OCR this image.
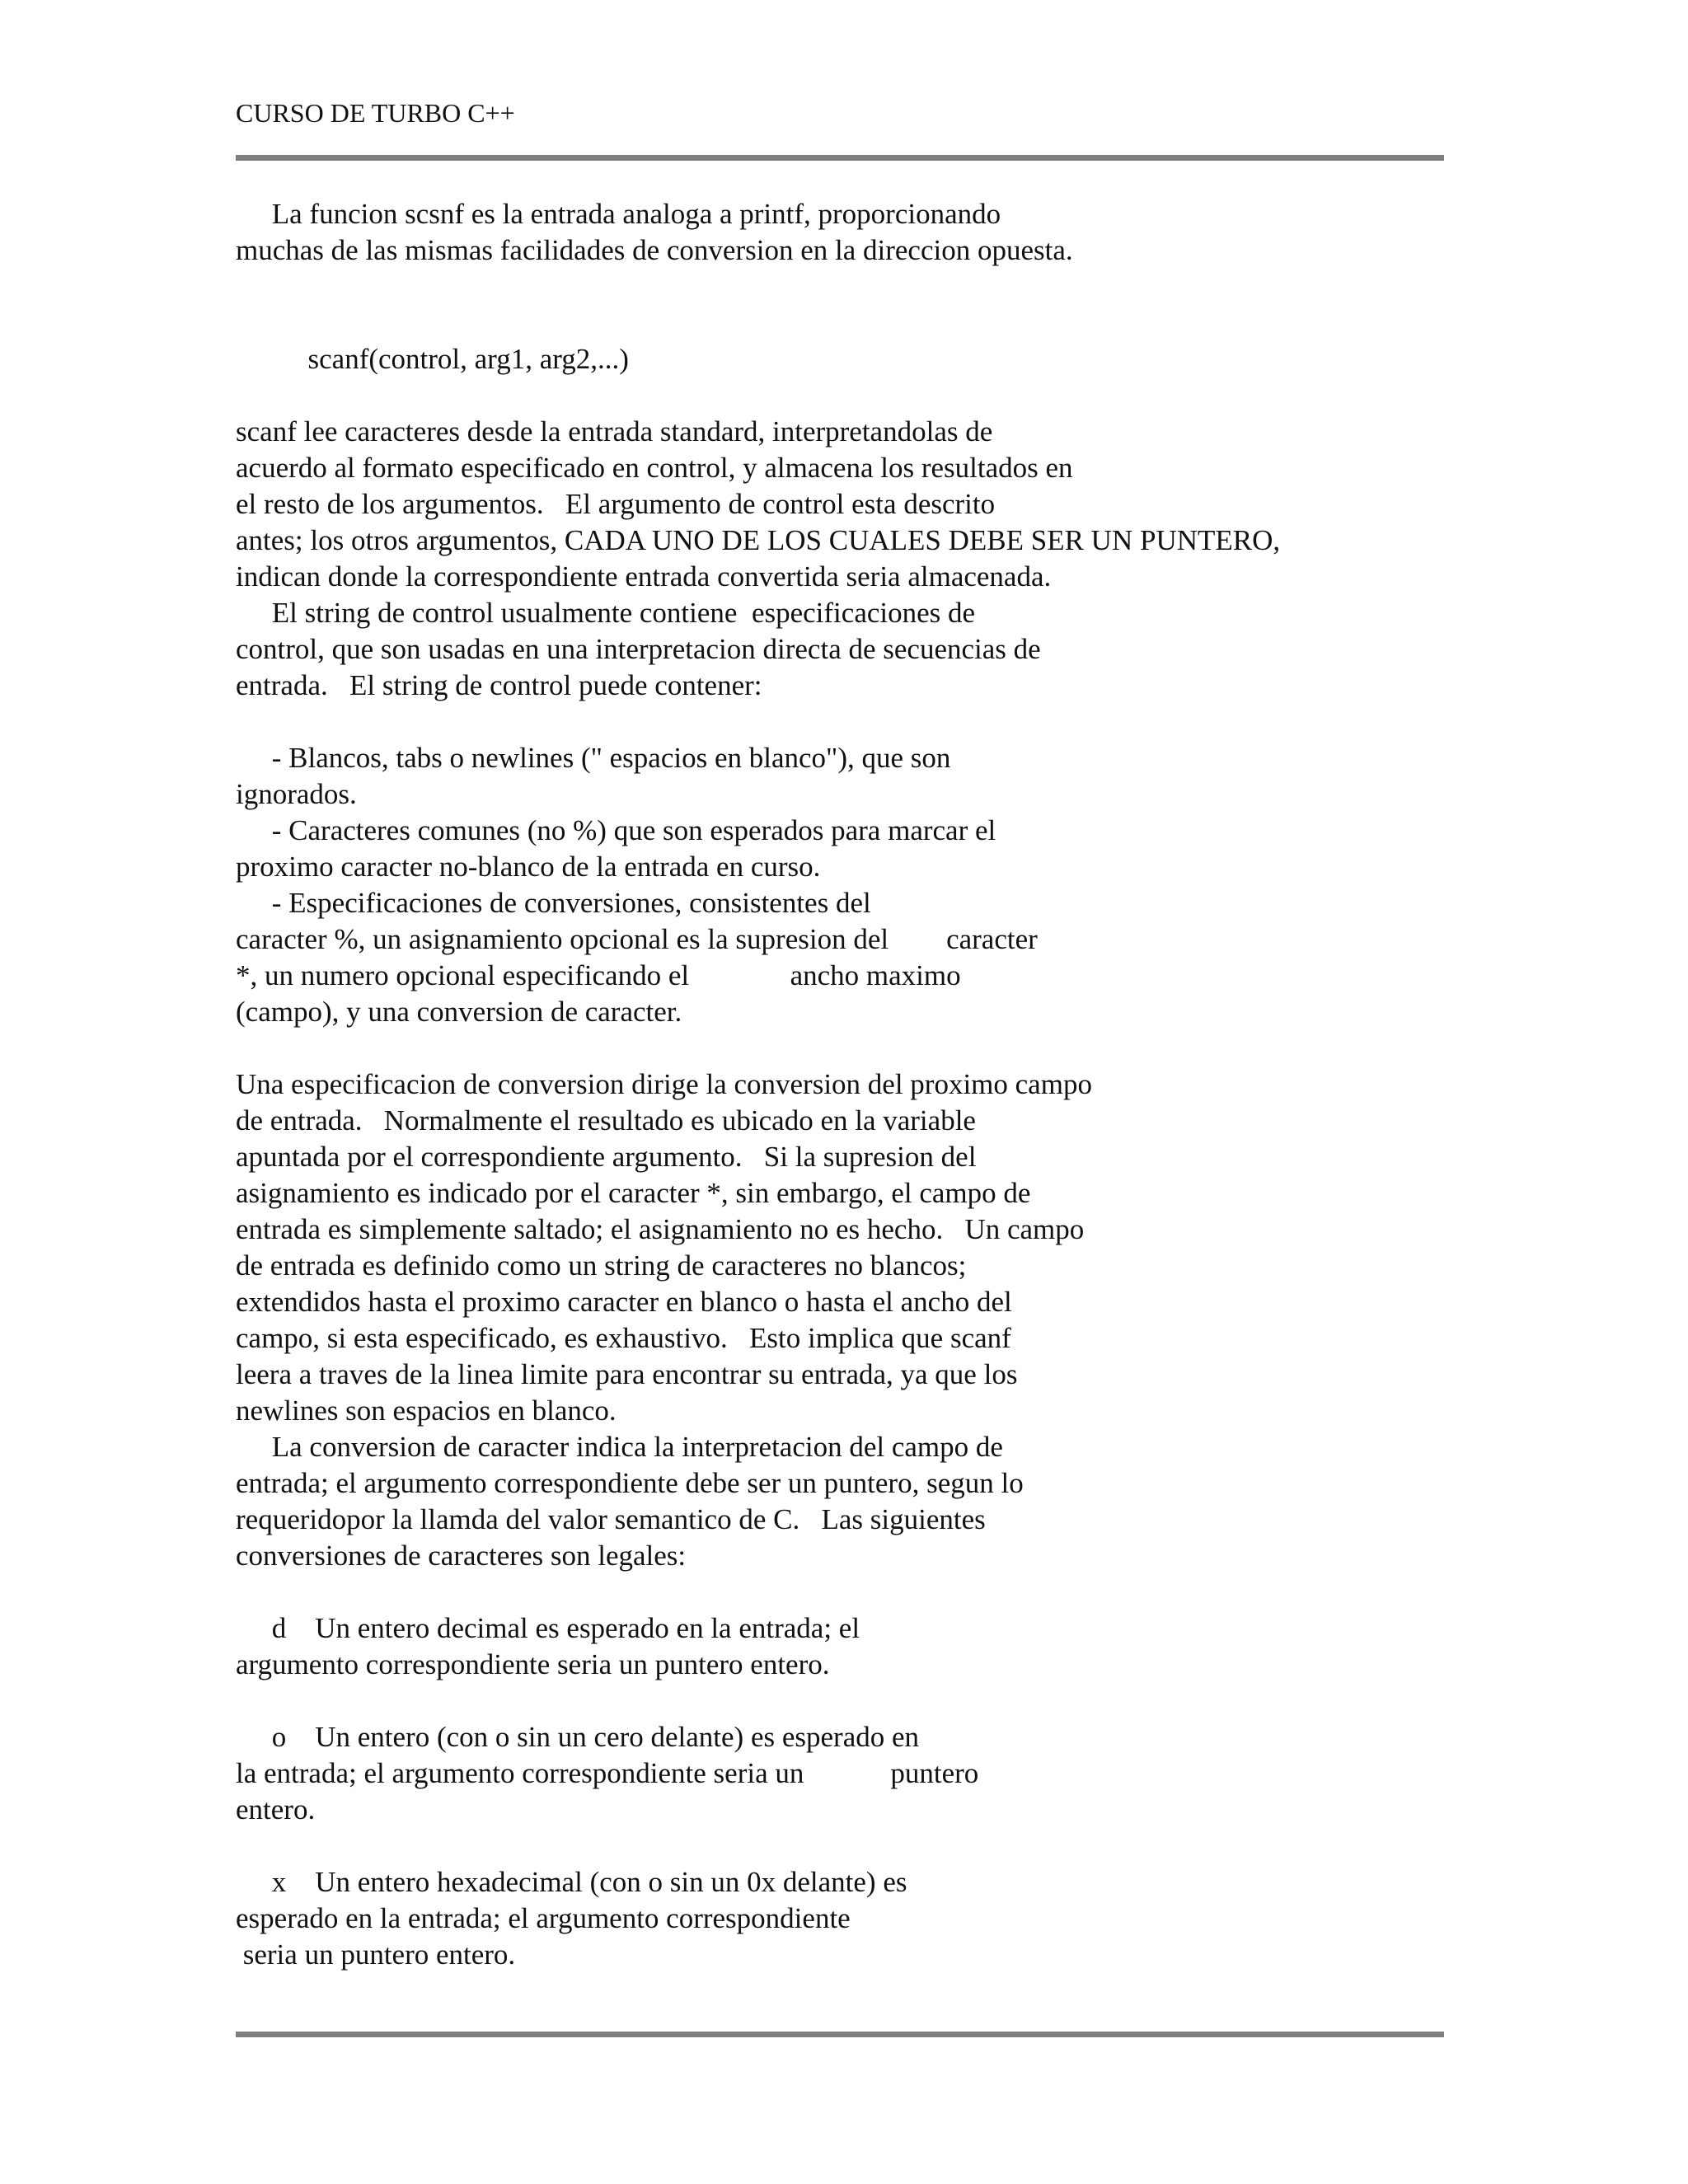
CURSO DE TURBO C++
La funcion scsnf es la entrada analoga a printf, proporcionando
muchas de las mismas facilidades de conversion en la direccion opuesta.
scanf(control, arg1, arg2,...)
scanf lee caracteres desde la entrada standard, interpretandolas de
acuerdo al formato especificado en control, y almacena los resultados en
el resto de los argumentos.   El argumento de control esta descrito
antes; los otros argumentos, CADA UNO DE LOS CUALES DEBE SER UN PUNTERO,
indican donde la correspondiente entrada convertida seria almacenada.
El string de control usualmente contiene  especificaciones de
control, que son usadas en una interpretacion directa de secuencias de
entrada.   El string de control puede contener:
- Blancos, tabs o newlines (" espacios en blanco"), que son
ignorados.
- Caracteres comunes (no %) que son esperados para marcar el
proximo caracter no-blanco de la entrada en curso.
- Especificaciones de conversiones, consistentes del
caracter %, un asignamiento opcional es la supresion del        caracter
*, un numero opcional especificando el              ancho maximo
(campo), y una conversion de caracter.
Una especificacion de conversion dirige la conversion del proximo campo
de entrada.   Normalmente el resultado es ubicado en la variable
apuntada por el correspondiente argumento.   Si la supresion del
asignamiento es indicado por el caracter *, sin embargo, el campo de
entrada es simplemente saltado; el asignamiento no es hecho.   Un campo
de entrada es definido como un string de caracteres no blancos;
extendidos hasta el proximo caracter en blanco o hasta el ancho del
campo, si esta especificado, es exhaustivo.   Esto implica que scanf
leera a traves de la linea limite para encontrar su entrada, ya que los
newlines son espacios en blanco.
La conversion de caracter indica la interpretacion del campo de
entrada; el argumento correspondiente debe ser un puntero, segun lo
requeridopor la llamda del valor semantico de C.   Las siguientes
conversiones de caracteres son legales:
d    Un entero decimal es esperado en la entrada; el
argumento correspondiente seria un puntero entero.
o    Un entero (con o sin un cero delante) es esperado en
la entrada; el argumento correspondiente seria un            puntero
entero.
x    Un entero hexadecimal (con o sin un 0x delante) es
esperado en la entrada; el argumento correspondiente
seria un puntero entero.
